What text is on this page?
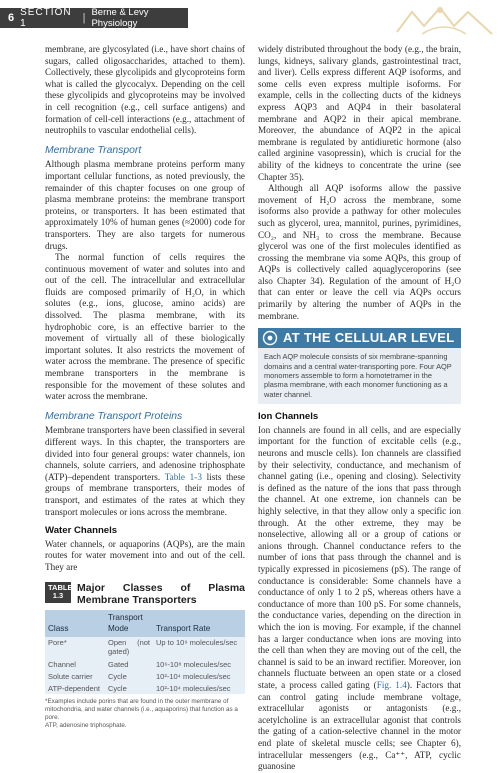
6 SECTION 1	| Berne & Levy Physiology

membrane, are glycosylated (i.e., have short chains of sugars, called oligosaccharides, attached to them). Collectively, these glycolipids and glycoproteins form what is called the glycocalyx. Depending on the cell these glycolipids and glycoproteins may be involved in cell recognition (e.g., cell surface antigens) and formation of cell-cell interactions (e.g., attachment of neutrophils to vascular endothelial cells).

Membrane Transport

Although plasma membrane proteins perform many important cellular functions, as noted previously, the remainder of this chapter focuses on one group of plasma membrane proteins: the membrane transport proteins, or transporters. It has been estimated that approximately 10% of human genes (≈2000) code for transporters. They are also targets for numerous drugs.

The normal function of cells requires the continuous movement of water and solutes into and out of the cell. The intracellular and extracellular fluids are composed primarily of H₂O, in which solutes (e.g., ions, glucose, amino acids) are dissolved. The plasma membrane, with its hydrophobic core, is an effective barrier to the movement of virtually all of these biologically important solutes. It also restricts the movement of water across the membrane. The presence of specific membrane transporters in the membrane is responsible for the movement of these solutes and water across the membrane.

Membrane Transport Proteins

Membrane transporters have been classified in several different ways. In this chapter, the transporters are divided into four general groups: water channels, ion channels, solute carriers, and adenosine triphosphate (ATP)–dependent transporters. Table 1-3 lists these groups of membrane transporters, their modes of transport, and estimates of the rates at which they transport molecules or ions across the membrane.

Water Channels

Water channels, or aquaporins (AQPs), are the main routes for water movement into and out of the cell. They are

TABLE 1.3
Major Classes of Plasma Membrane Transporters
Class	Transport Mode	Transport Rate
Pore*	Open (not gated)	Up to 10⁹ molecules/sec
Channel	Gated	10⁶-10⁸ molecules/sec
Solute carrier	Cycle	10²-10⁴ molecules/sec
ATP-dependent	Cycle	10²-10⁴ molecules/sec
*Examples include porins that are found in the outer membrane of mitochondria, and water channels (i.e., aquaporins) that function as a pore.
ATP, adenosine triphosphate.

widely distributed throughout the body (e.g., the brain, lungs, kidneys, salivary glands, gastrointestinal tract, and liver). Cells express different AQP isoforms, and some cells even express multiple isoforms. For example, cells in the collecting ducts of the kidneys express AQP3 and AQP4 in their basolateral membrane and AQP2 in their apical membrane. Moreover, the abundance of AQP2 in the apical membrane is regulated by antidiuretic hormone (also called arginine vasopressin), which is crucial for the ability of the kidneys to concentrate the urine (see Chapter 35).

Although all AQP isoforms allow the passive movement of H₂O across the membrane, some isoforms also provide a pathway for other molecules such as glycerol, urea, mannitol, purines, pyrimidines, CO₂, and NH₃ to cross the membrane. Because glycerol was one of the first molecules identified as crossing the membrane via some AQPs, this group of AQPs is collectively called aquaglyceroporins (see also Chapter 34). Regulation of the amount of H₂O that can enter or leave the cell via AQPs occurs primarily by altering the number of AQPs in the membrane.

AT THE CELLULAR LEVEL
Each AQP molecule consists of six membrane-spanning domains and a central water-transporting pore. Four AQP monomers assemble to form a homotetramer in the plasma membrane, with each monomer functioning as a water channel.
Ion Channels

Ion channels are found in all cells, and are especially important for the function of excitable cells (e.g., neurons and muscle cells). Ion channels are classified by their selectivity, conductance, and mechanism of channel gating (i.e., opening and closing). Selectivity is defined as the nature of the ions that pass through the channel. At one extreme, ion channels can be highly selective, in that they allow only a specific ion through. At the other extreme, they may be nonselective, allowing all or a group of cations or anions through. Channel conductance refers to the number of ions that pass through the channel and is typically expressed in picosiemens (pS). The range of conductance is considerable: Some channels have a conductance of only 1 to 2 pS, whereas others have a conductance of more than 100 pS. For some channels, the conductance varies, depending on the direction in which the ion is moving. For example, if the channel has a larger conductance when ions are moving into the cell than when they are moving out of the cell, the channel is said to be an inward rectifier. Moreover, ion channels fluctuate between an open state or a closed state, a process called gating (Fig. 1.4). Factors that can control gating include membrane voltage, extracellular agonists or antagonists (e.g., acetylcholine is an extracellular agonist that controls the gating of a cation-selective channel in the motor end plate of skeletal muscle cells; see Chapter 6), intracellular messengers (e.g., Ca⁺⁺, ATP, cyclic guanosine
